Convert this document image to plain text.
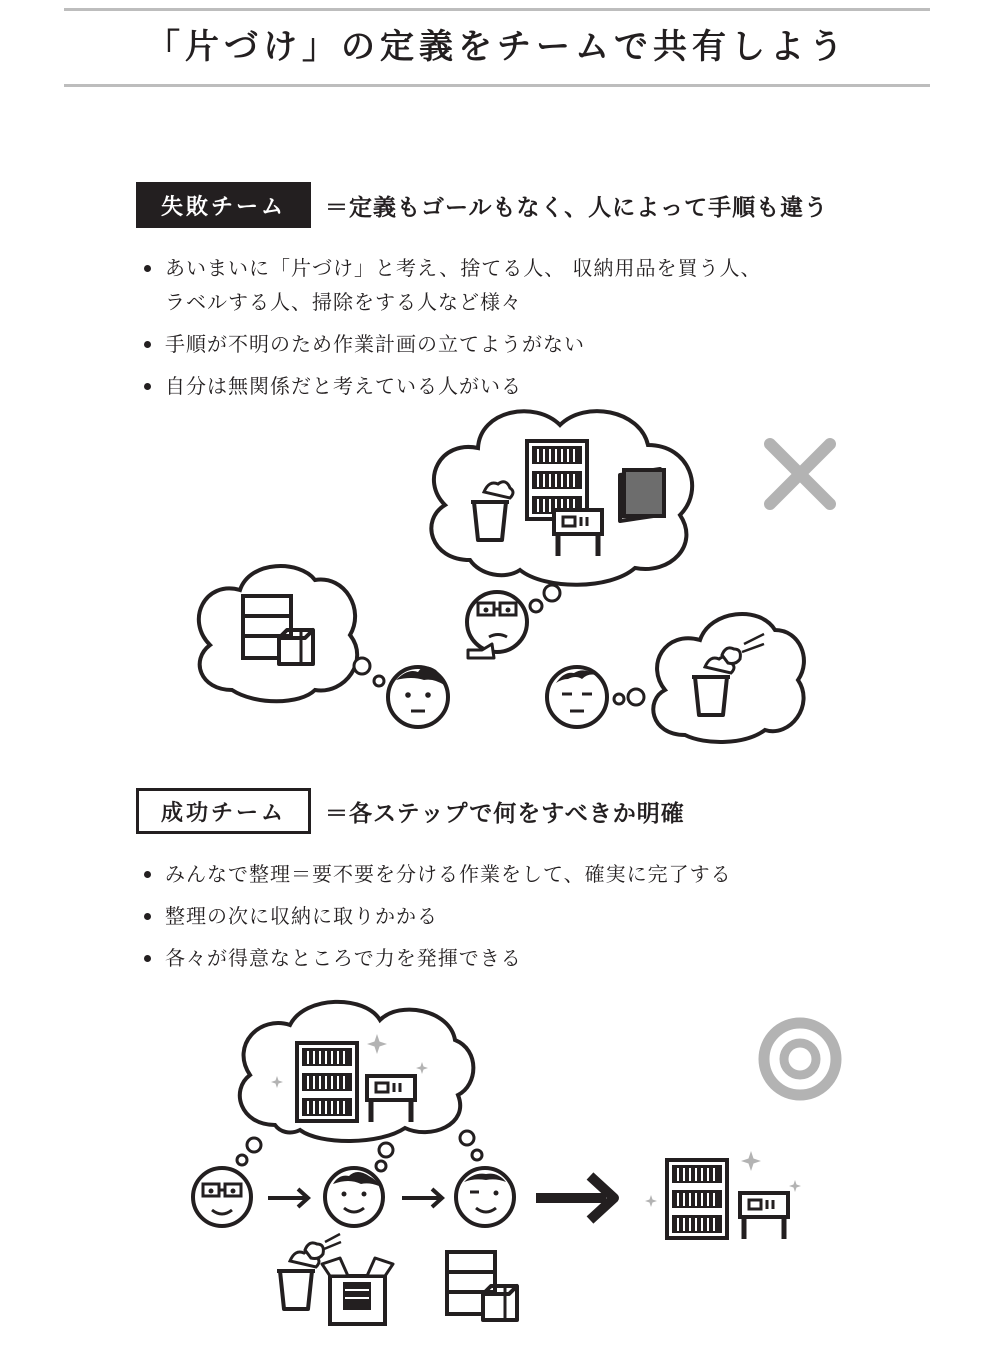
「片づけ」の定義をチームで共有しよう
失敗チーム	＝定義もゴールもなく、人によって手順も違う
あいまいに「片づけ」と考え、捨てる人、 収納用品を買う人、
ラベルする人、掃除をする人など様々
手順が不明のため作業計画の立てようがない
自分は無関係だと考えている人がいる
成功チーム	＝各ステップで何をすべきか明確
みんなで整理＝要不要を分ける作業をして、確実に完了する
整理の次に収納に取りかかる
各々が得意なところで力を発揮できる
